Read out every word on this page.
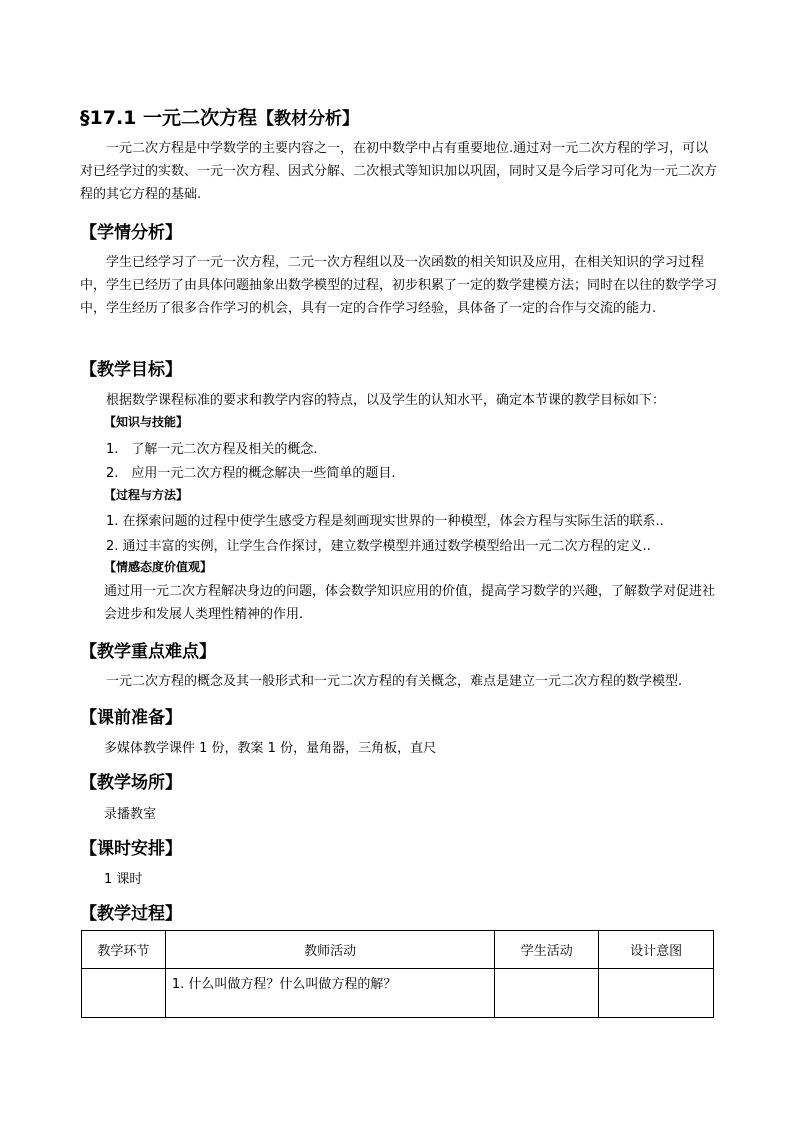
§17.1 一元二次方程【教材分析】
一元二次方程是中学数学的主要内容之一，在初中数学中占有重要地位.通过对一元二次方程的学习，可以对已经学过的实数、一元一次方程、因式分解、二次根式等知识加以巩固，同时又是今后学习可化为一元二次方程的其它方程的基础.
【学情分析】
学生已经学习了一元一次方程，二元一次方程组以及一次函数的相关知识及应用，在相关知识的学习过程中，学生已经历了由具体问题抽象出数学模型的过程，初步积累了一定的数学建模方法；同时在以往的数学学习中，学生经历了很多合作学习的机会，具有一定的合作学习经验，具体备了一定的合作与交流的能力.
【教学目标】
根据数学课程标准的要求和教学内容的特点，以及学生的认知水平，确定本节课的教学目标如下：
【知识与技能】
1.　了解一元二次方程及相关的概念.
2.　应用一元二次方程的概念解决一些简单的题目.
【过程与方法】
1. 在探索问题的过程中使学生感受方程是刻画现实世界的一种模型，体会方程与实际生活的联系..
2. 通过丰富的实例，让学生合作探讨，建立数学模型并通过数学模型给出一元二次方程的定义..
【情感态度价值观】
通过用一元二次方程解决身边的问题，体会数学知识应用的价值，提高学习数学的兴趣，了解数学对促进社会进步和发展人类理性精神的作用.
【教学重点难点】
一元二次方程的概念及其一般形式和一元二次方程的有关概念，难点是建立一元二次方程的数学模型.
【课前准备】
多媒体教学课件 1 份，教案 1 份，量角器，三角板，直尺
【教学场所】
录播教室
【课时安排】
1 课时
【教学过程】
教学环节	教师活动	学生活动	设计意图
	1. 什么叫做方程？什么叫做方程的解？		
